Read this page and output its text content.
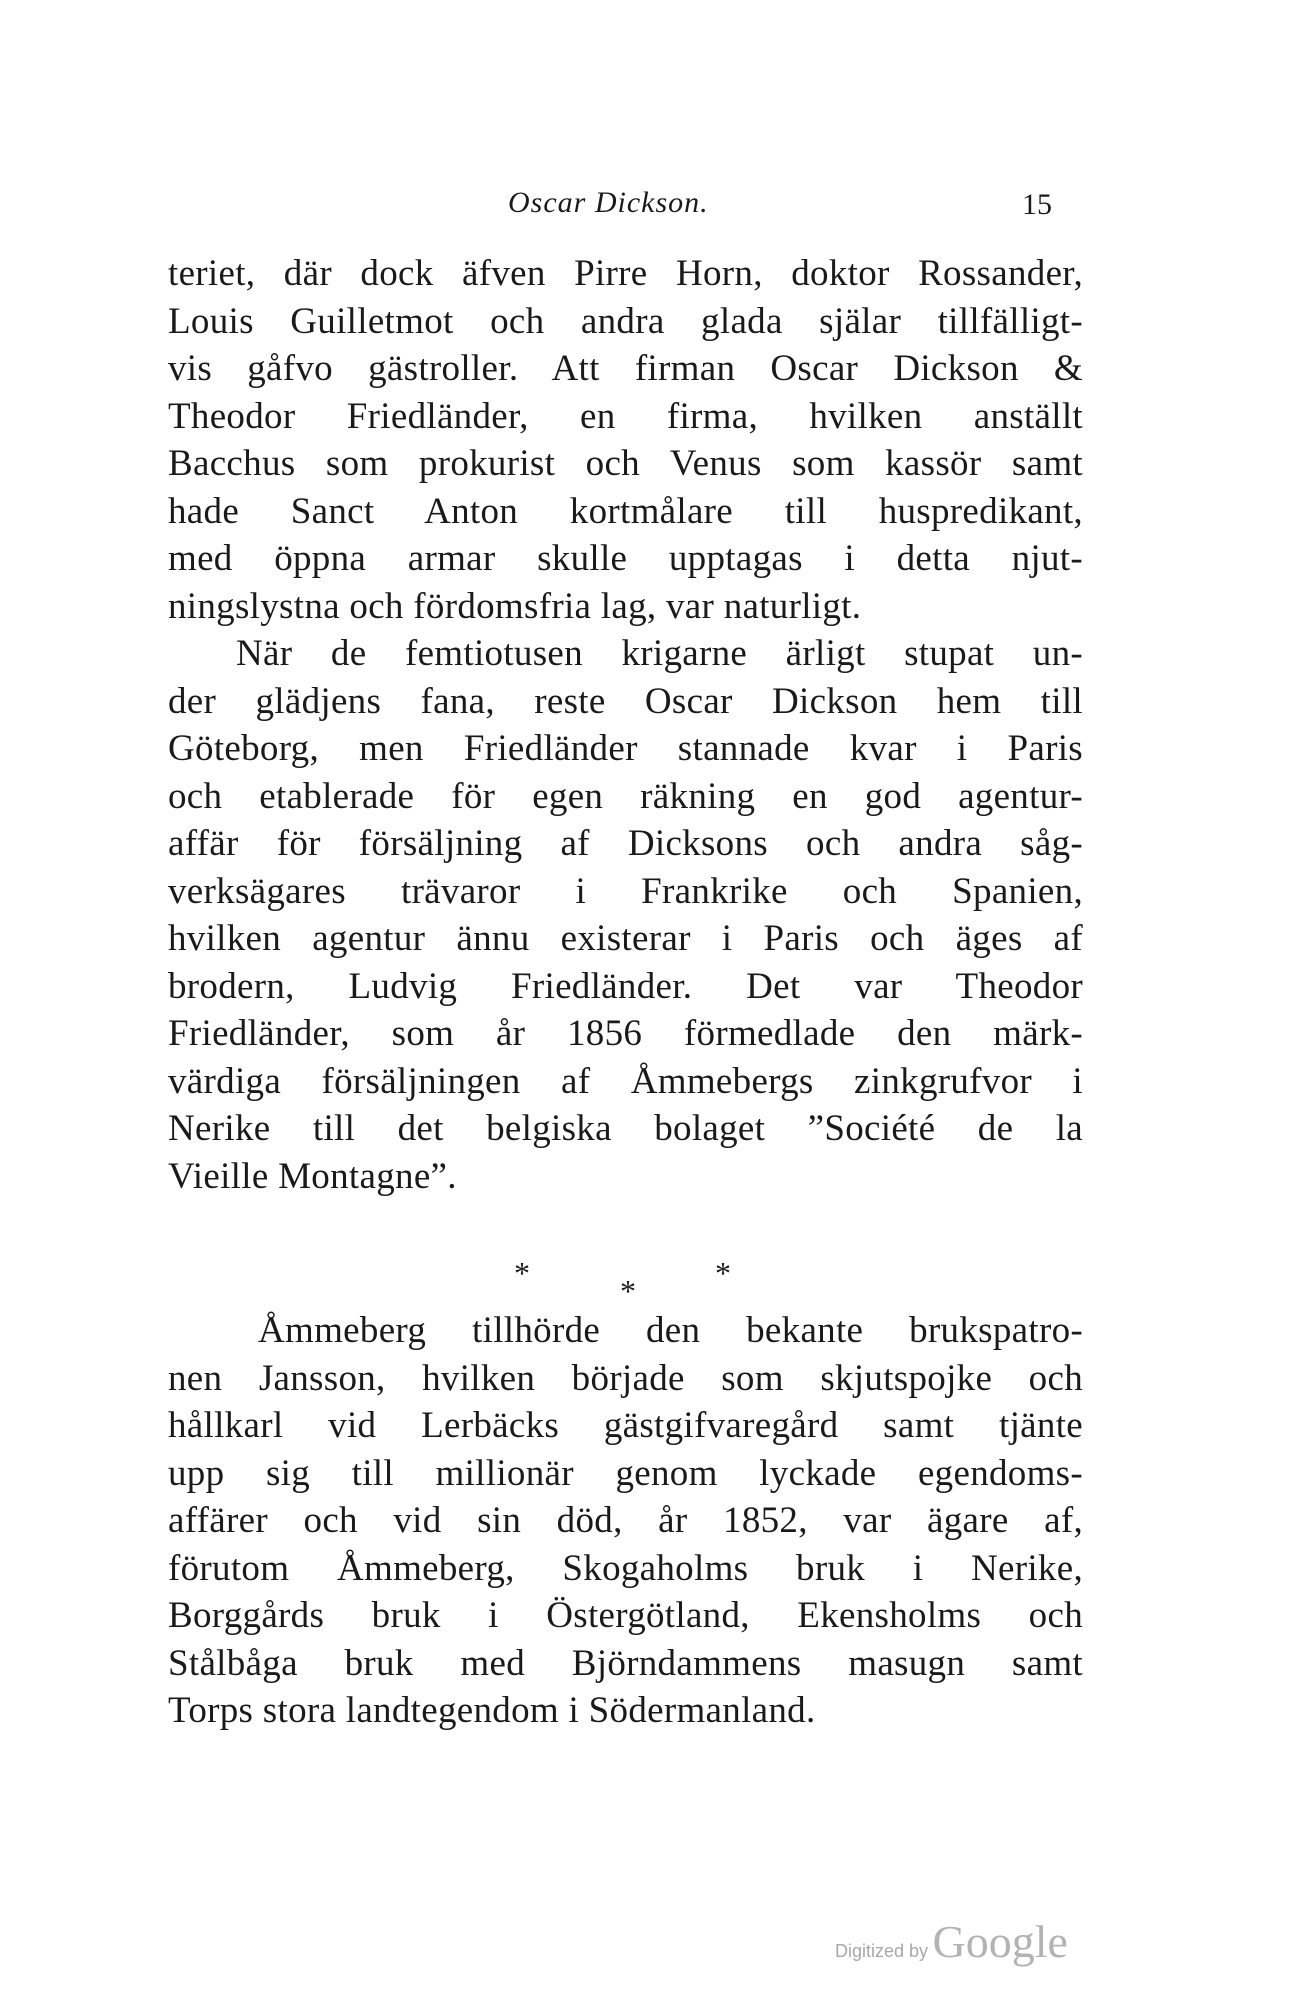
Oscar Dickson.	15
teriet, där dock äfven Pirre Horn, doktor Rossander,
Louis Guilletmot och andra glada själar tillfälligt-
vis gåfvo gästroller. Att firman Oscar Dickson &
Theodor Friedländer, en firma, hvilken anställt
Bacchus som prokurist och Venus som kassör samt
hade Sanct Anton kortmålare till huspredikant,
med öppna armar skulle upptagas i detta njut-
ningslystna och fördomsfria lag, var naturligt.
När de femtiotusen krigarne ärligt stupat un-
der glädjens fana, reste Oscar Dickson hem till
Göteborg, men Friedländer stannade kvar i Paris
och etablerade för egen räkning en god agentur-
affär för försäljning af Dicksons och andra såg-
verksägares trävaror i Frankrike och Spanien,
hvilken agentur ännu existerar i Paris och äges af
brodern, Ludvig Friedländer. Det var Theodor
Friedländer, som år 1856 förmedlade den märk-
värdiga försäljningen af Åmmebergs zinkgrufvor i
Nerike till det belgiska bolaget ”Société de la
Vieille Montagne”.
*	* *
Åmmeberg tillhörde den bekante brukspatro-
nen Jansson, hvilken började som skjutspojke och
hållkarl vid Lerbäcks gästgifvaregård samt tjänte
upp sig till millionär genom lyckade egendoms-
affärer och vid sin död, år 1852, var ägare af,
förutom Åmmeberg, Skogaholms bruk i Nerike,
Borggårds bruk i Östergötland, Ekensholms och
Stålbåga bruk med Björndammens masugn samt
Torps stora landtegendom i Södermanland.
Digitized by Google
